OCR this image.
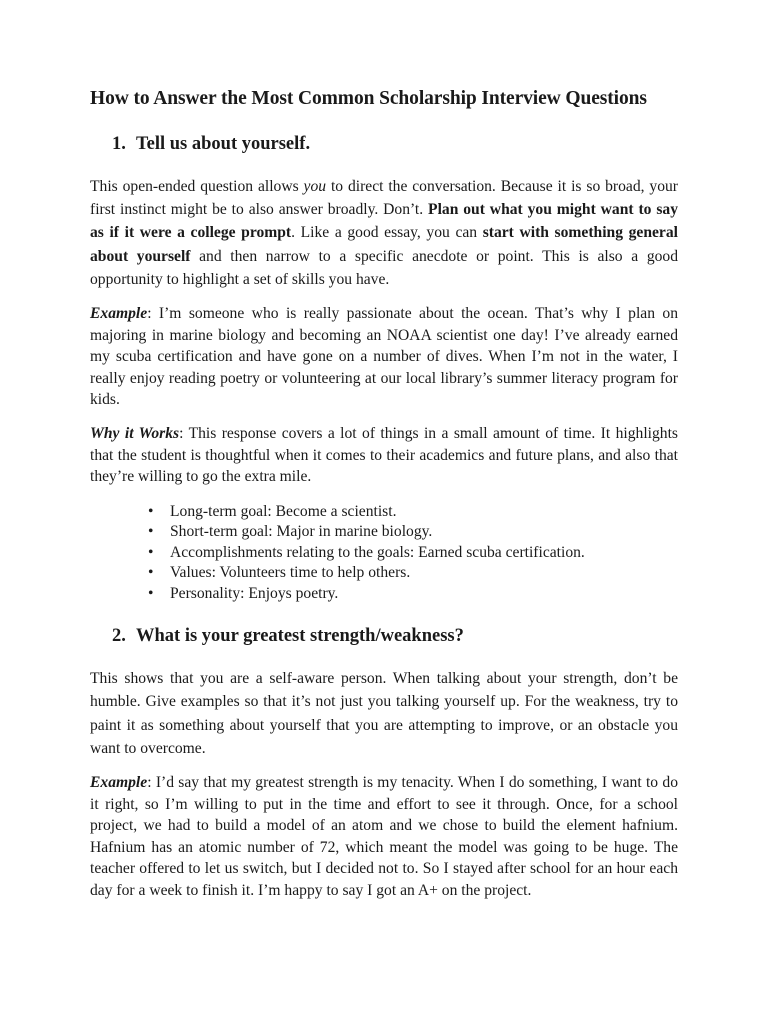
How to Answer the Most Common Scholarship Interview Questions
1. Tell us about yourself.

This open-ended question allows you to direct the conversation. Because it is so broad, your first instinct might be to also answer broadly. Don’t. Plan out what you might want to say as if it were a college prompt. Like a good essay, you can start with something general about yourself and then narrow to a specific anecdote or point. This is also a good opportunity to highlight a set of skills you have.

Example: I’m someone who is really passionate about the ocean. That’s why I plan on majoring in marine biology and becoming an NOAA scientist one day! I’ve already earned my scuba certification and have gone on a number of dives. When I’m not in the water, I really enjoy reading poetry or volunteering at our local library’s summer literacy program for kids.

Why it Works: This response covers a lot of things in a small amount of time. It highlights that the student is thoughtful when it comes to their academics and future plans, and also that they’re willing to go the extra mile.

• Long-term goal: Become a scientist.
• Short-term goal: Major in marine biology.
• Accomplishments relating to the goals: Earned scuba certification.
• Values: Volunteers time to help others.
• Personality: Enjoys poetry.
2. What is your greatest strength/weakness?

This shows that you are a self-aware person. When talking about your strength, don’t be humble. Give examples so that it’s not just you talking yourself up. For the weakness, try to paint it as something about yourself that you are attempting to improve, or an obstacle you want to overcome.

Example: I’d say that my greatest strength is my tenacity. When I do something, I want to do it right, so I’m willing to put in the time and effort to see it through. Once, for a school project, we had to build a model of an atom and we chose to build the element hafnium. Hafnium has an atomic number of 72, which meant the model was going to be huge. The teacher offered to let us switch, but I decided not to. So I stayed after school for an hour each day for a week to finish it. I’m happy to say I got an A+ on the project.
